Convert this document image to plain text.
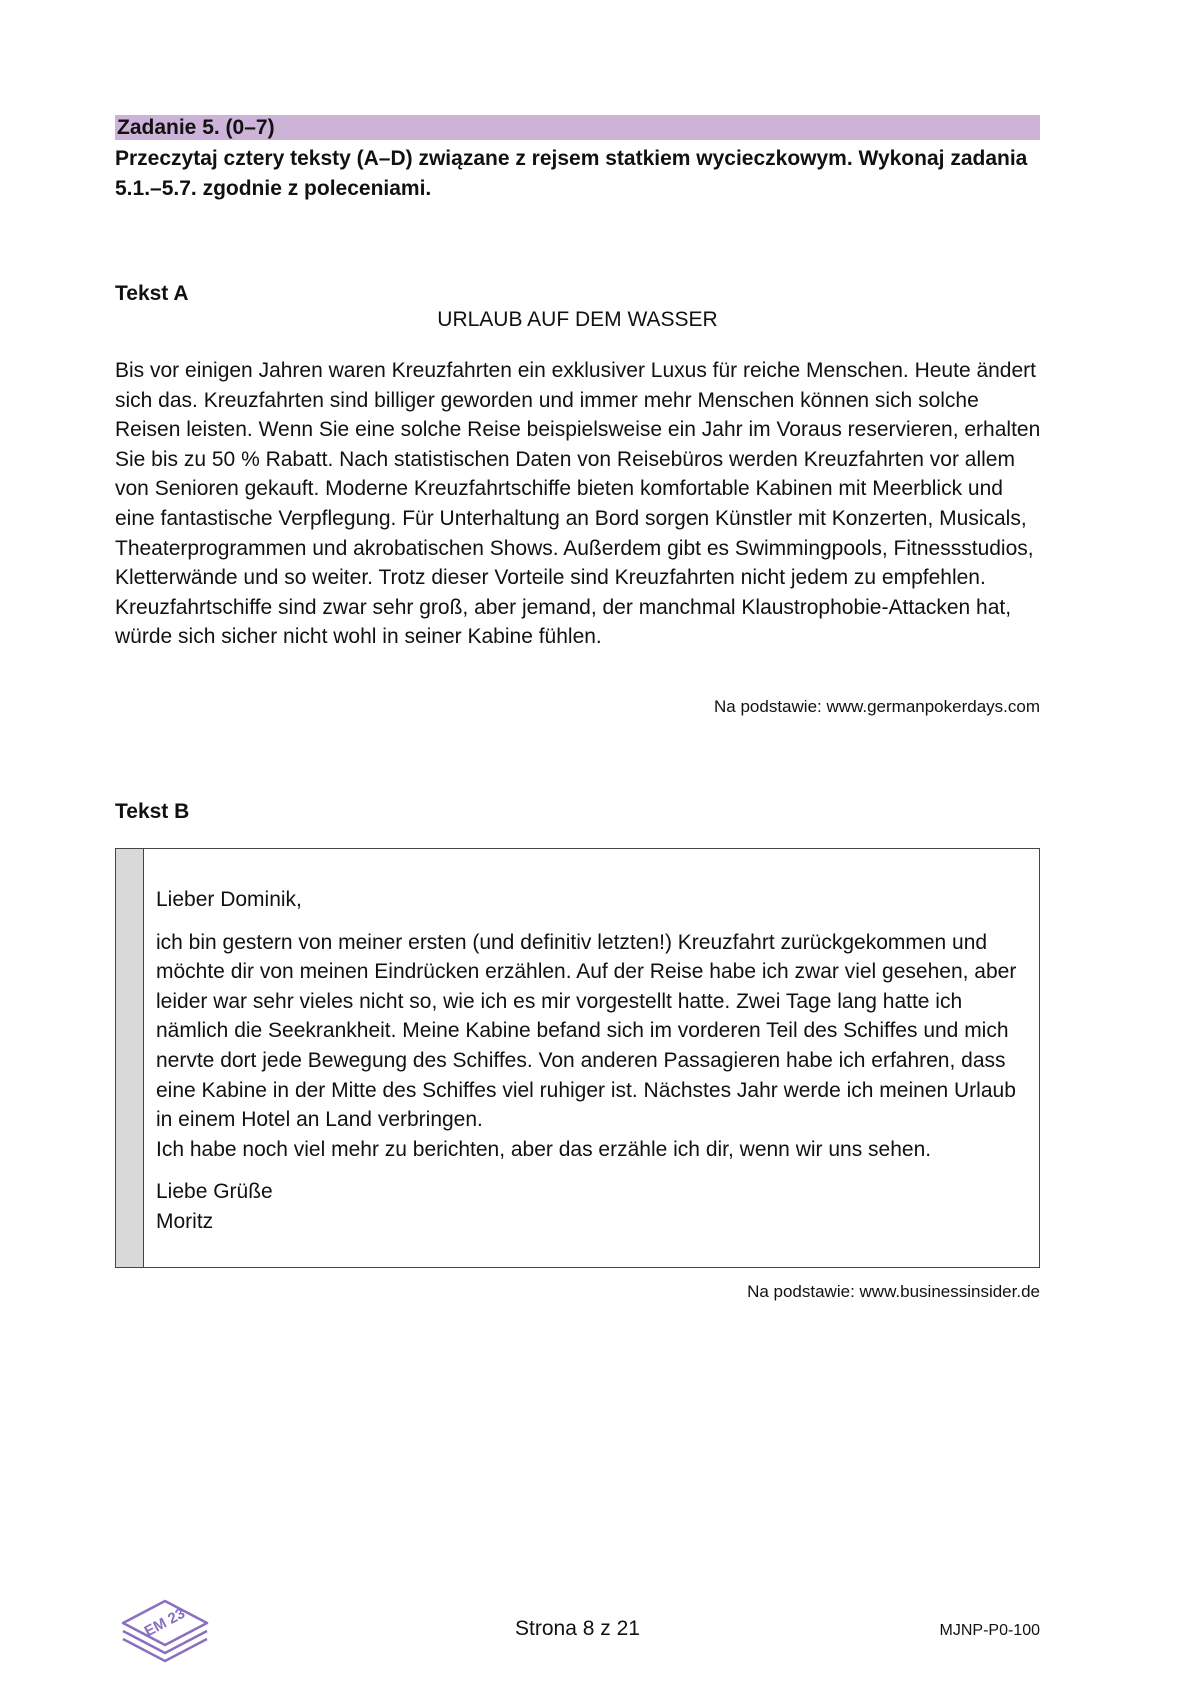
Zadanie 5. (0–7)
Przeczytaj cztery teksty (A–D) związane z rejsem statkiem wycieczkowym. Wykonaj zadania 5.1.–5.7. zgodnie z poleceniami.
Tekst A
URLAUB AUF DEM WASSER

Bis vor einigen Jahren waren Kreuzfahrten ein exklusiver Luxus für reiche Menschen. Heute ändert sich das. Kreuzfahrten sind billiger geworden und immer mehr Menschen können sich solche Reisen leisten. Wenn Sie eine solche Reise beispielsweise ein Jahr im Voraus reservieren, erhalten Sie bis zu 50 % Rabatt. Nach statistischen Daten von Reisebüros werden Kreuzfahrten vor allem von Senioren gekauft. Moderne Kreuzfahrtschiffe bieten komfortable Kabinen mit Meerblick und eine fantastische Verpflegung. Für Unterhaltung an Bord sorgen Künstler mit Konzerten, Musicals, Theaterprogrammen und akrobatischen Shows. Außerdem gibt es Swimmingpools, Fitnessstudios, Kletterwände und so weiter. Trotz dieser Vorteile sind Kreuzfahrten nicht jedem zu empfehlen. Kreuzfahrtschiffe sind zwar sehr groß, aber jemand, der manchmal Klaustrophobie-Attacken hat, würde sich sicher nicht wohl in seiner Kabine fühlen.

Na podstawie: www.germanpokerdays.com
Tekst B

Lieber Dominik,

ich bin gestern von meiner ersten (und definitiv letzten!) Kreuzfahrt zurückgekommen und möchte dir von meinen Eindrücken erzählen. Auf der Reise habe ich zwar viel gesehen, aber leider war sehr vieles nicht so, wie ich es mir vorgestellt hatte. Zwei Tage lang hatte ich nämlich die Seekrankheit. Meine Kabine befand sich im vorderen Teil des Schiffes und mich nervte dort jede Bewegung des Schiffes. Von anderen Passagieren habe ich erfahren, dass eine Kabine in der Mitte des Schiffes viel ruhiger ist. Nächstes Jahr werde ich meinen Urlaub in einem Hotel an Land verbringen.

Ich habe noch viel mehr zu berichten, aber das erzähle ich dir, wenn wir uns sehen.

Liebe Grüße

Moritz

Na podstawie: www.businessinsider.de
EM 23	Strona 8 z 21	MJNP-P0-100
